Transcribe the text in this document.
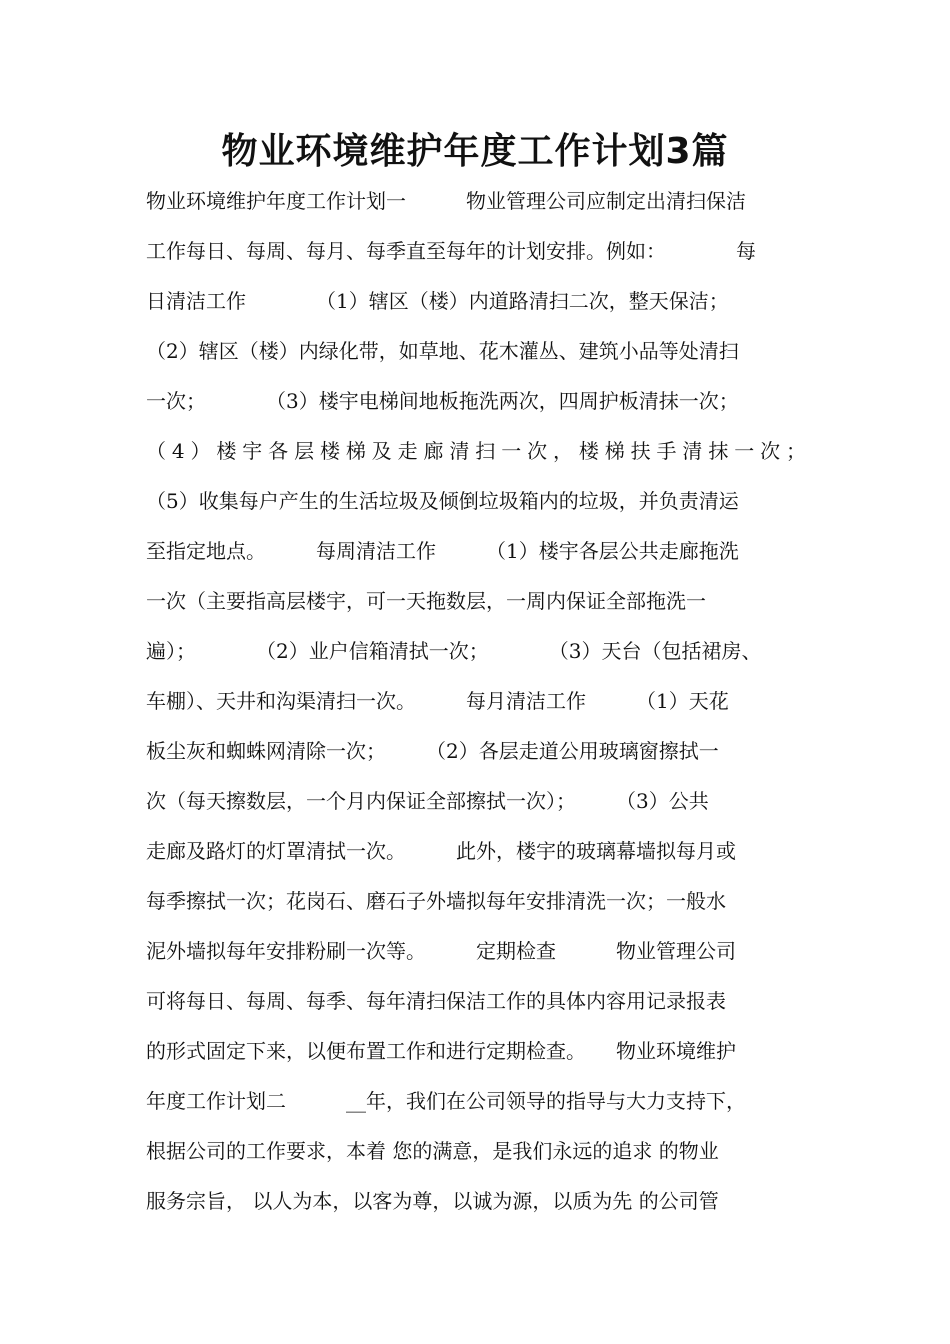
物业环境维护年度工作计划3篇
物业环境维护年度工作计划一　　　物业管理公司应制定出清扫保洁
工作每日、每周、每月、每季直至每年的计划安排。例如：　　　　每
日清洁工作　　　　（1）辖区（楼）内道路清扫二次，整天保洁；
（2）辖区（楼）内绿化带，如草地、花木灌丛、建筑小品等处清扫
一次；　　　　（3）楼宇电梯间地板拖洗两次，四周护板清抹一次；
（4）楼宇各层楼梯及走廊清扫一次，楼梯扶手清抹一次；
（5）收集每户产生的生活垃圾及倾倒垃圾箱内的垃圾，并负责清运
至指定地点。　　　每周清洁工作　　　（1）楼宇各层公共走廊拖洗
一次（主要指高层楼宇，可一天拖数层，一周内保证全部拖洗一
遍）；　　　　（2）业户信箱清拭一次；　　　　（3）天台（包括裙房、
车棚）、天井和沟渠清扫一次。　　　每月清洁工作　　　（1）天花
板尘灰和蜘蛛网清除一次；　　　（2）各层走道公用玻璃窗擦拭一
次（每天擦数层，一个月内保证全部擦拭一次）；　　　（3）公共
走廊及路灯的灯罩清拭一次。　　　此外，楼宇的玻璃幕墙拟每月或
每季擦拭一次；花岗石、磨石子外墙拟每年安排清洗一次；一般水
泥外墙拟每年安排粉刷一次等。　　　定期检查　　　物业管理公司
可将每日、每周、每季、每年清扫保洁工作的具体内容用记录报表
的形式固定下来，以便布置工作和进行定期检查。　　物业环境维护
年度工作计划二　　　__年，我们在公司领导的指导与大力支持下，
根据公司的工作要求，本着 您的满意，是我们永远的追求 的物业
服务宗旨， 以人为本，以客为尊，以诚为源，以质为先 的公司管
